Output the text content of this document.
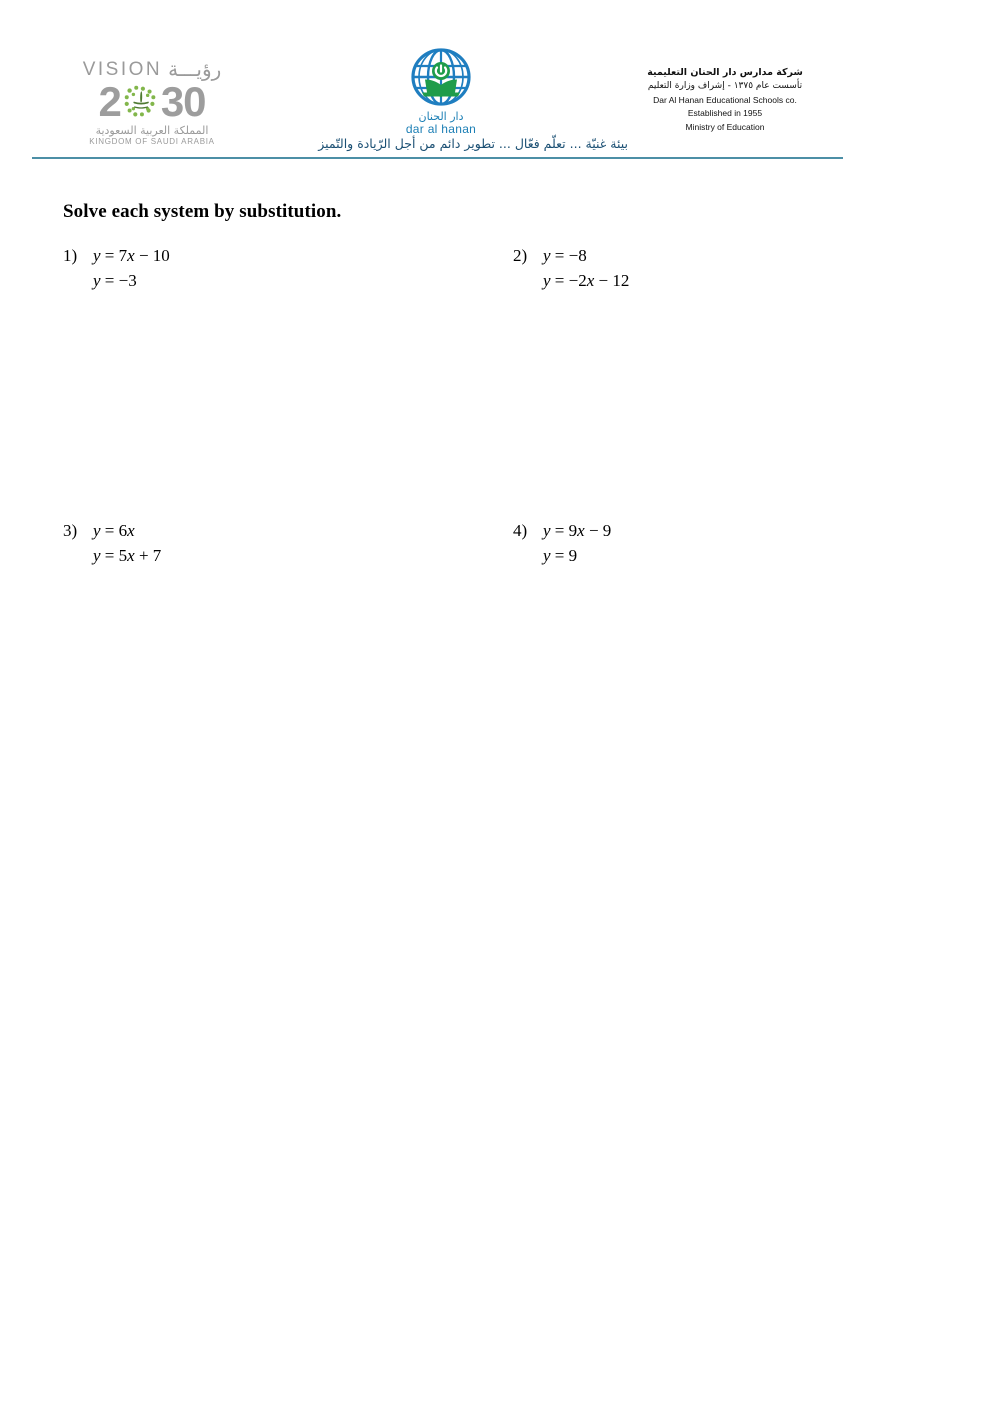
VISION رؤيـــة
2 30
المملكة العربية السعودية
KINGDOM OF SAUDI ARABIA
دار الحنان
dar al hanan
شركة مدارس دار الحنان التعليمية
تأسست عام ١٣٧٥ - إشراف وزارة التعليم
Dar Al Hanan Educational Schools co.
Established in 1955
Ministry of Education
بيئة غنيّة ... تعلّم فعّال ... تطوير دائم من أجل الرّيادة والتّميز
Solve each system by substitution.
1) y = 7x − 10
y = −3
2) y = −8
y = −2x − 12
3) y = 6x
y = 5x + 7
4) y = 9x − 9
y = 9
